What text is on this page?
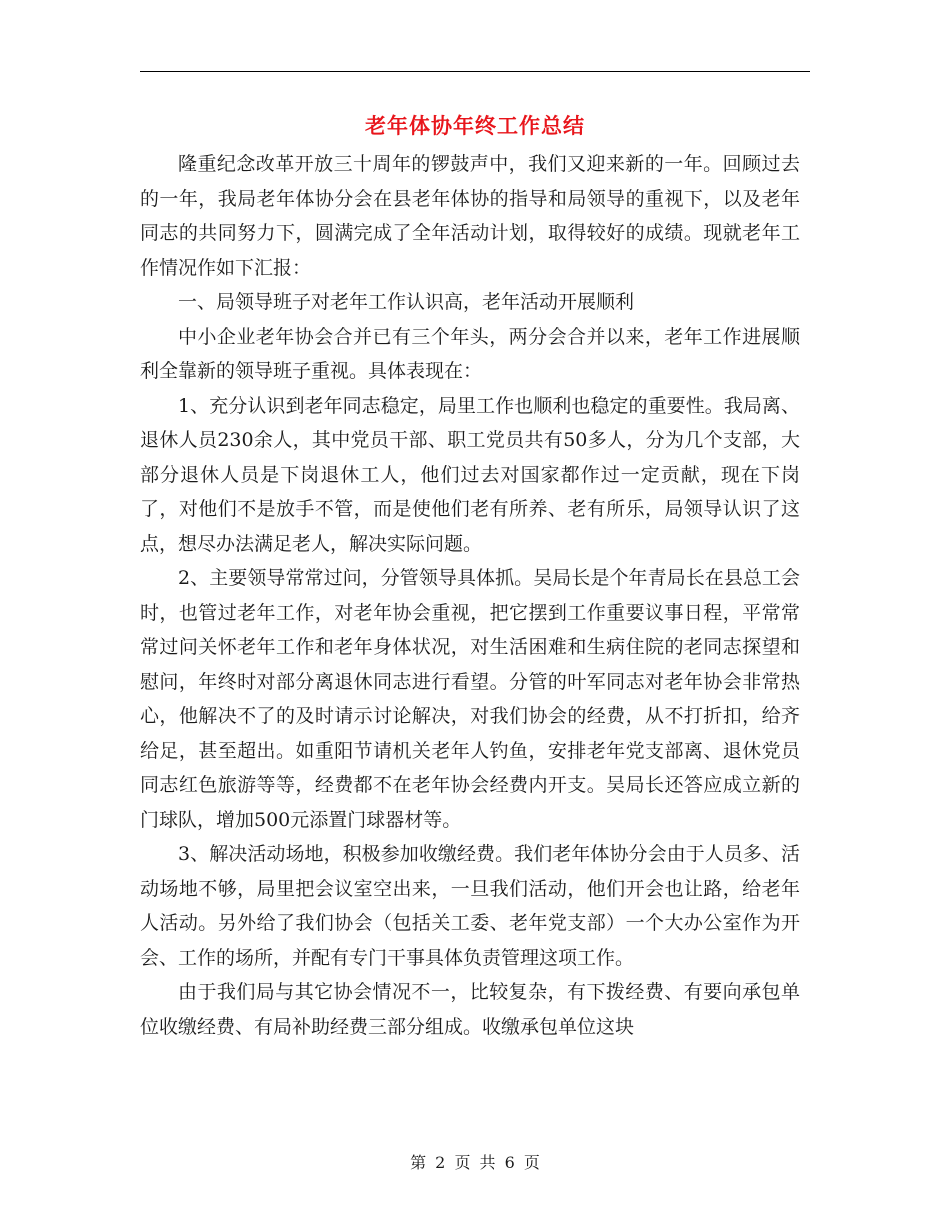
老年体协年终工作总结

隆重纪念改革开放三十周年的锣鼓声中，我们又迎来新的一年。回顾过去的一年，我局老年体协分会在县老年体协的指导和局领导的重视下，以及老年同志的共同努力下，圆满完成了全年活动计划，取得较好的成绩。现就老年工作情况作如下汇报：

一、局领导班子对老年工作认识高，老年活动开展顺利

中小企业老年协会合并已有三个年头，两分会合并以来，老年工作进展顺利全靠新的领导班子重视。具体表现在：

1、充分认识到老年同志稳定，局里工作也顺利也稳定的重要性。我局离、退休人员230余人，其中党员干部、职工党员共有50多人，分为几个支部，大部分退休人员是下岗退休工人，他们过去对国家都作过一定贡献，现在下岗了，对他们不是放手不管，而是使他们老有所养、老有所乐，局领导认识了这点，想尽办法满足老人，解决实际问题。

2、主要领导常常过问，分管领导具体抓。吴局长是个年青局长在县总工会时，也管过老年工作，对老年协会重视，把它摆到工作重要议事日程，平常常常过问关怀老年工作和老年身体状况，对生活困难和生病住院的老同志探望和慰问，年终时对部分离退休同志进行看望。分管的叶军同志对老年协会非常热心，他解决不了的及时请示讨论解决，对我们协会的经费，从不打折扣，给齐给足，甚至超出。如重阳节请机关老年人钓鱼，安排老年党支部离、退休党员同志红色旅游等等，经费都不在老年协会经费内开支。吴局长还答应成立新的门球队，增加500元添置门球器材等。

3、解决活动场地，积极参加收缴经费。我们老年体协分会由于人员多、活动场地不够，局里把会议室空出来，一旦我们活动，他们开会也让路，给老年人活动。另外给了我们协会（包括关工委、老年党支部）一个大办公室作为开会、工作的场所，并配有专门干事具体负责管理这项工作。

由于我们局与其它协会情况不一，比较复杂，有下拨经费、有要向承包单位收缴经费、有局补助经费三部分组成。收缴承包单位这块

第 2 页 共 6 页
